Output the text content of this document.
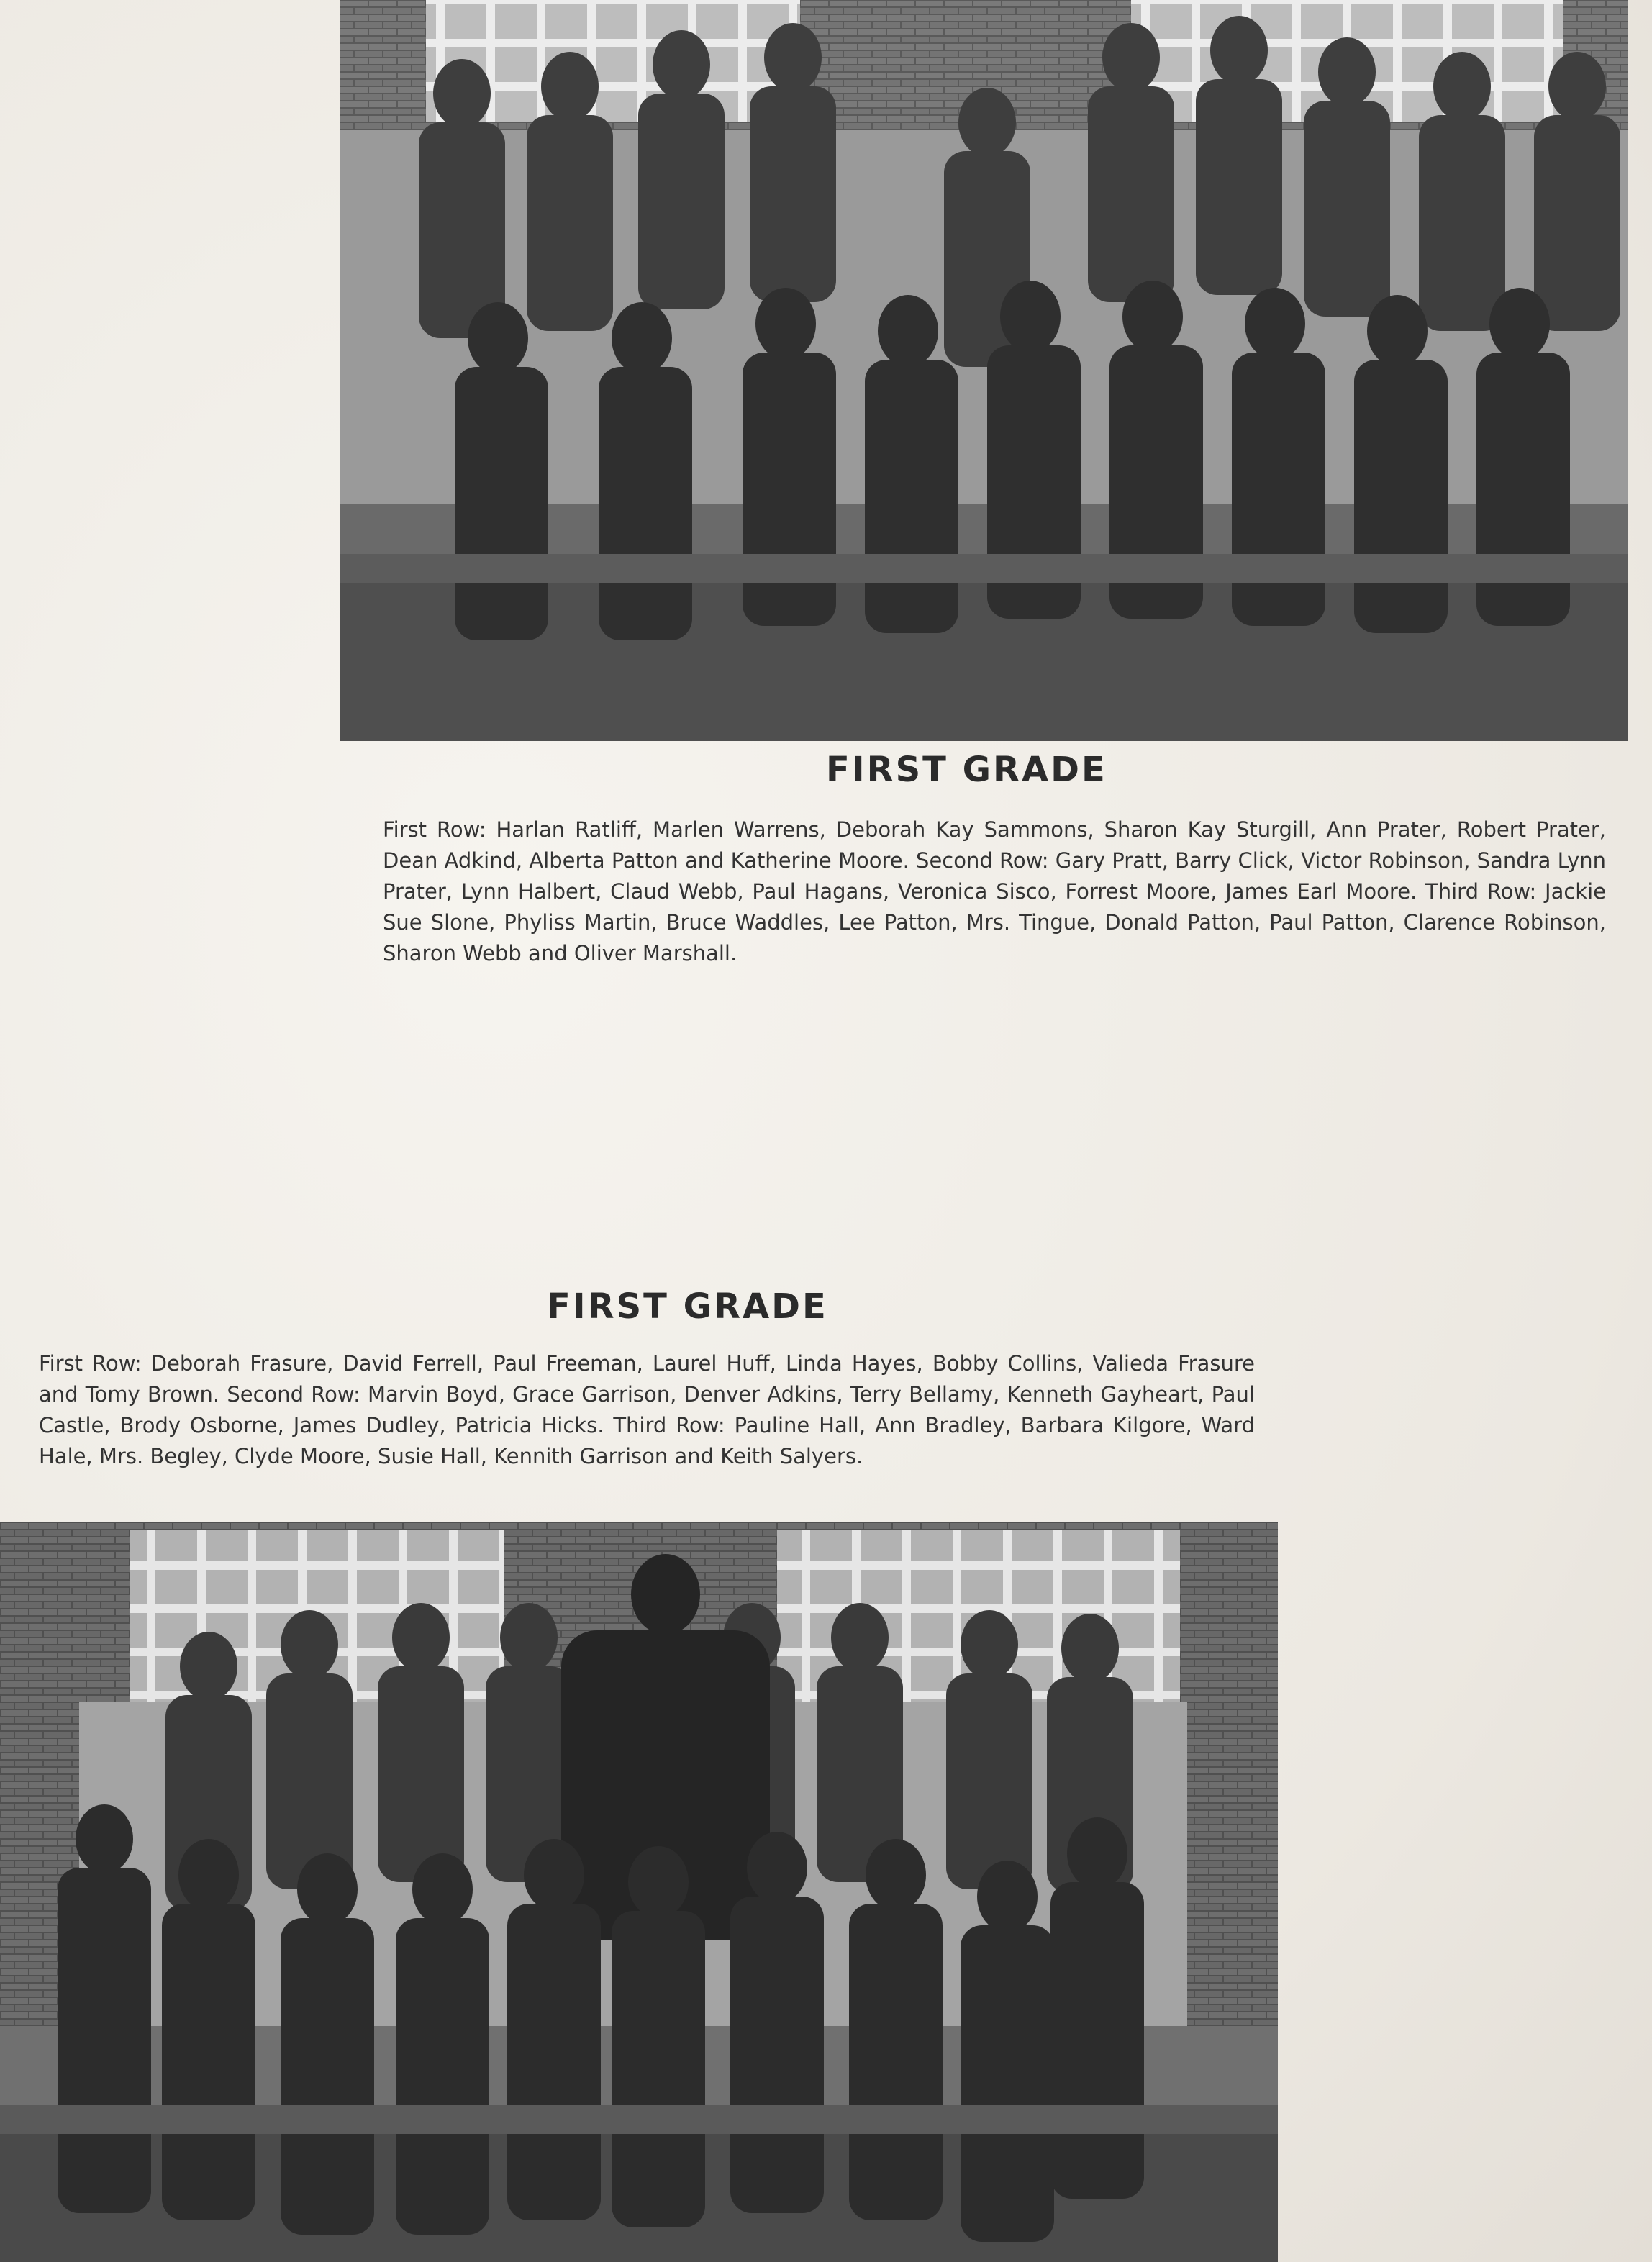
FIRST GRADE

First Row: Harlan Ratliff, Marlen Warrens, Deborah Kay Sammons, Sharon Kay Sturgill, Ann Prater, Robert Prater, Dean Adkind, Alberta Patton and Katherine Moore. Second Row: Gary Pratt, Barry Click, Victor Robinson, Sandra Lynn Prater, Lynn Halbert, Claud Webb, Paul Hagans, Veronica Sisco, Forrest Moore, James Earl Moore. Third Row: Jackie Sue Slone, Phyliss Martin, Bruce Waddles, Lee Patton, Mrs. Tingue, Donald Patton, Paul Patton, Clarence Robinson, Sharon Webb and Oliver Marshall.

FIRST GRADE

First Row: Deborah Frasure, David Ferrell, Paul Freeman, Laurel Huff, Linda Hayes, Bobby Collins, Valieda Frasure and Tomy Brown. Second Row: Marvin Boyd, Grace Garrison, Denver Adkins, Terry Bellamy, Kenneth Gayheart, Paul Castle, Brody Osborne, James Dudley, Patricia Hicks. Third Row: Pauline Hall, Ann Bradley, Barbara Kilgore, Ward Hale, Mrs. Begley, Clyde Moore, Susie Hall, Kennith Garrison and Keith Salyers.
